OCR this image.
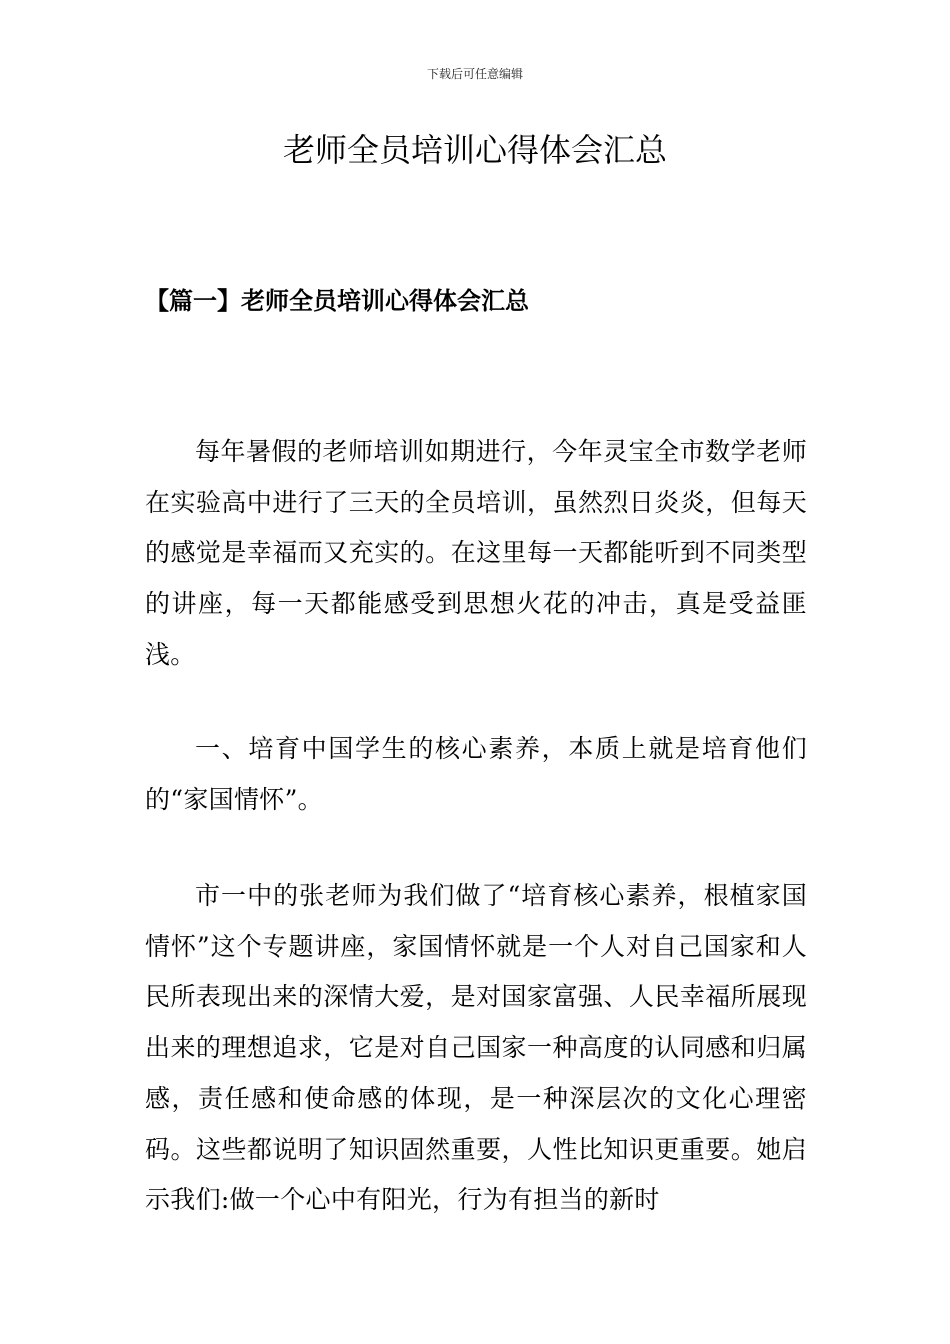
下载后可任意编辑
老师全员培训心得体会汇总
【篇一】老师全员培训心得体会汇总

每年暑假的老师培训如期进行，今年灵宝全市数学老师在实验高中进行了三天的全员培训，虽然烈日炎炎，但每天的感觉是幸福而又充实的。在这里每一天都能听到不同类型的讲座，每一天都能感受到思想火花的冲击，真是受益匪浅。

一、培育中国学生的核心素养，本质上就是培育他们的“家国情怀”。

市一中的张老师为我们做了“培育核心素养，根植家国情怀”这个专题讲座，家国情怀就是一个人对自己国家和人民所表现出来的深情大爱，是对国家富强、人民幸福所展现出来的理想追求，它是对自己国家一种高度的认同感和归属感，责任感和使命感的体现，是一种深层次的文化心理密码。这些都说明了知识固然重要，人性比知识更重要。她启示我们:做一个心中有阳光，行为有担当的新时
